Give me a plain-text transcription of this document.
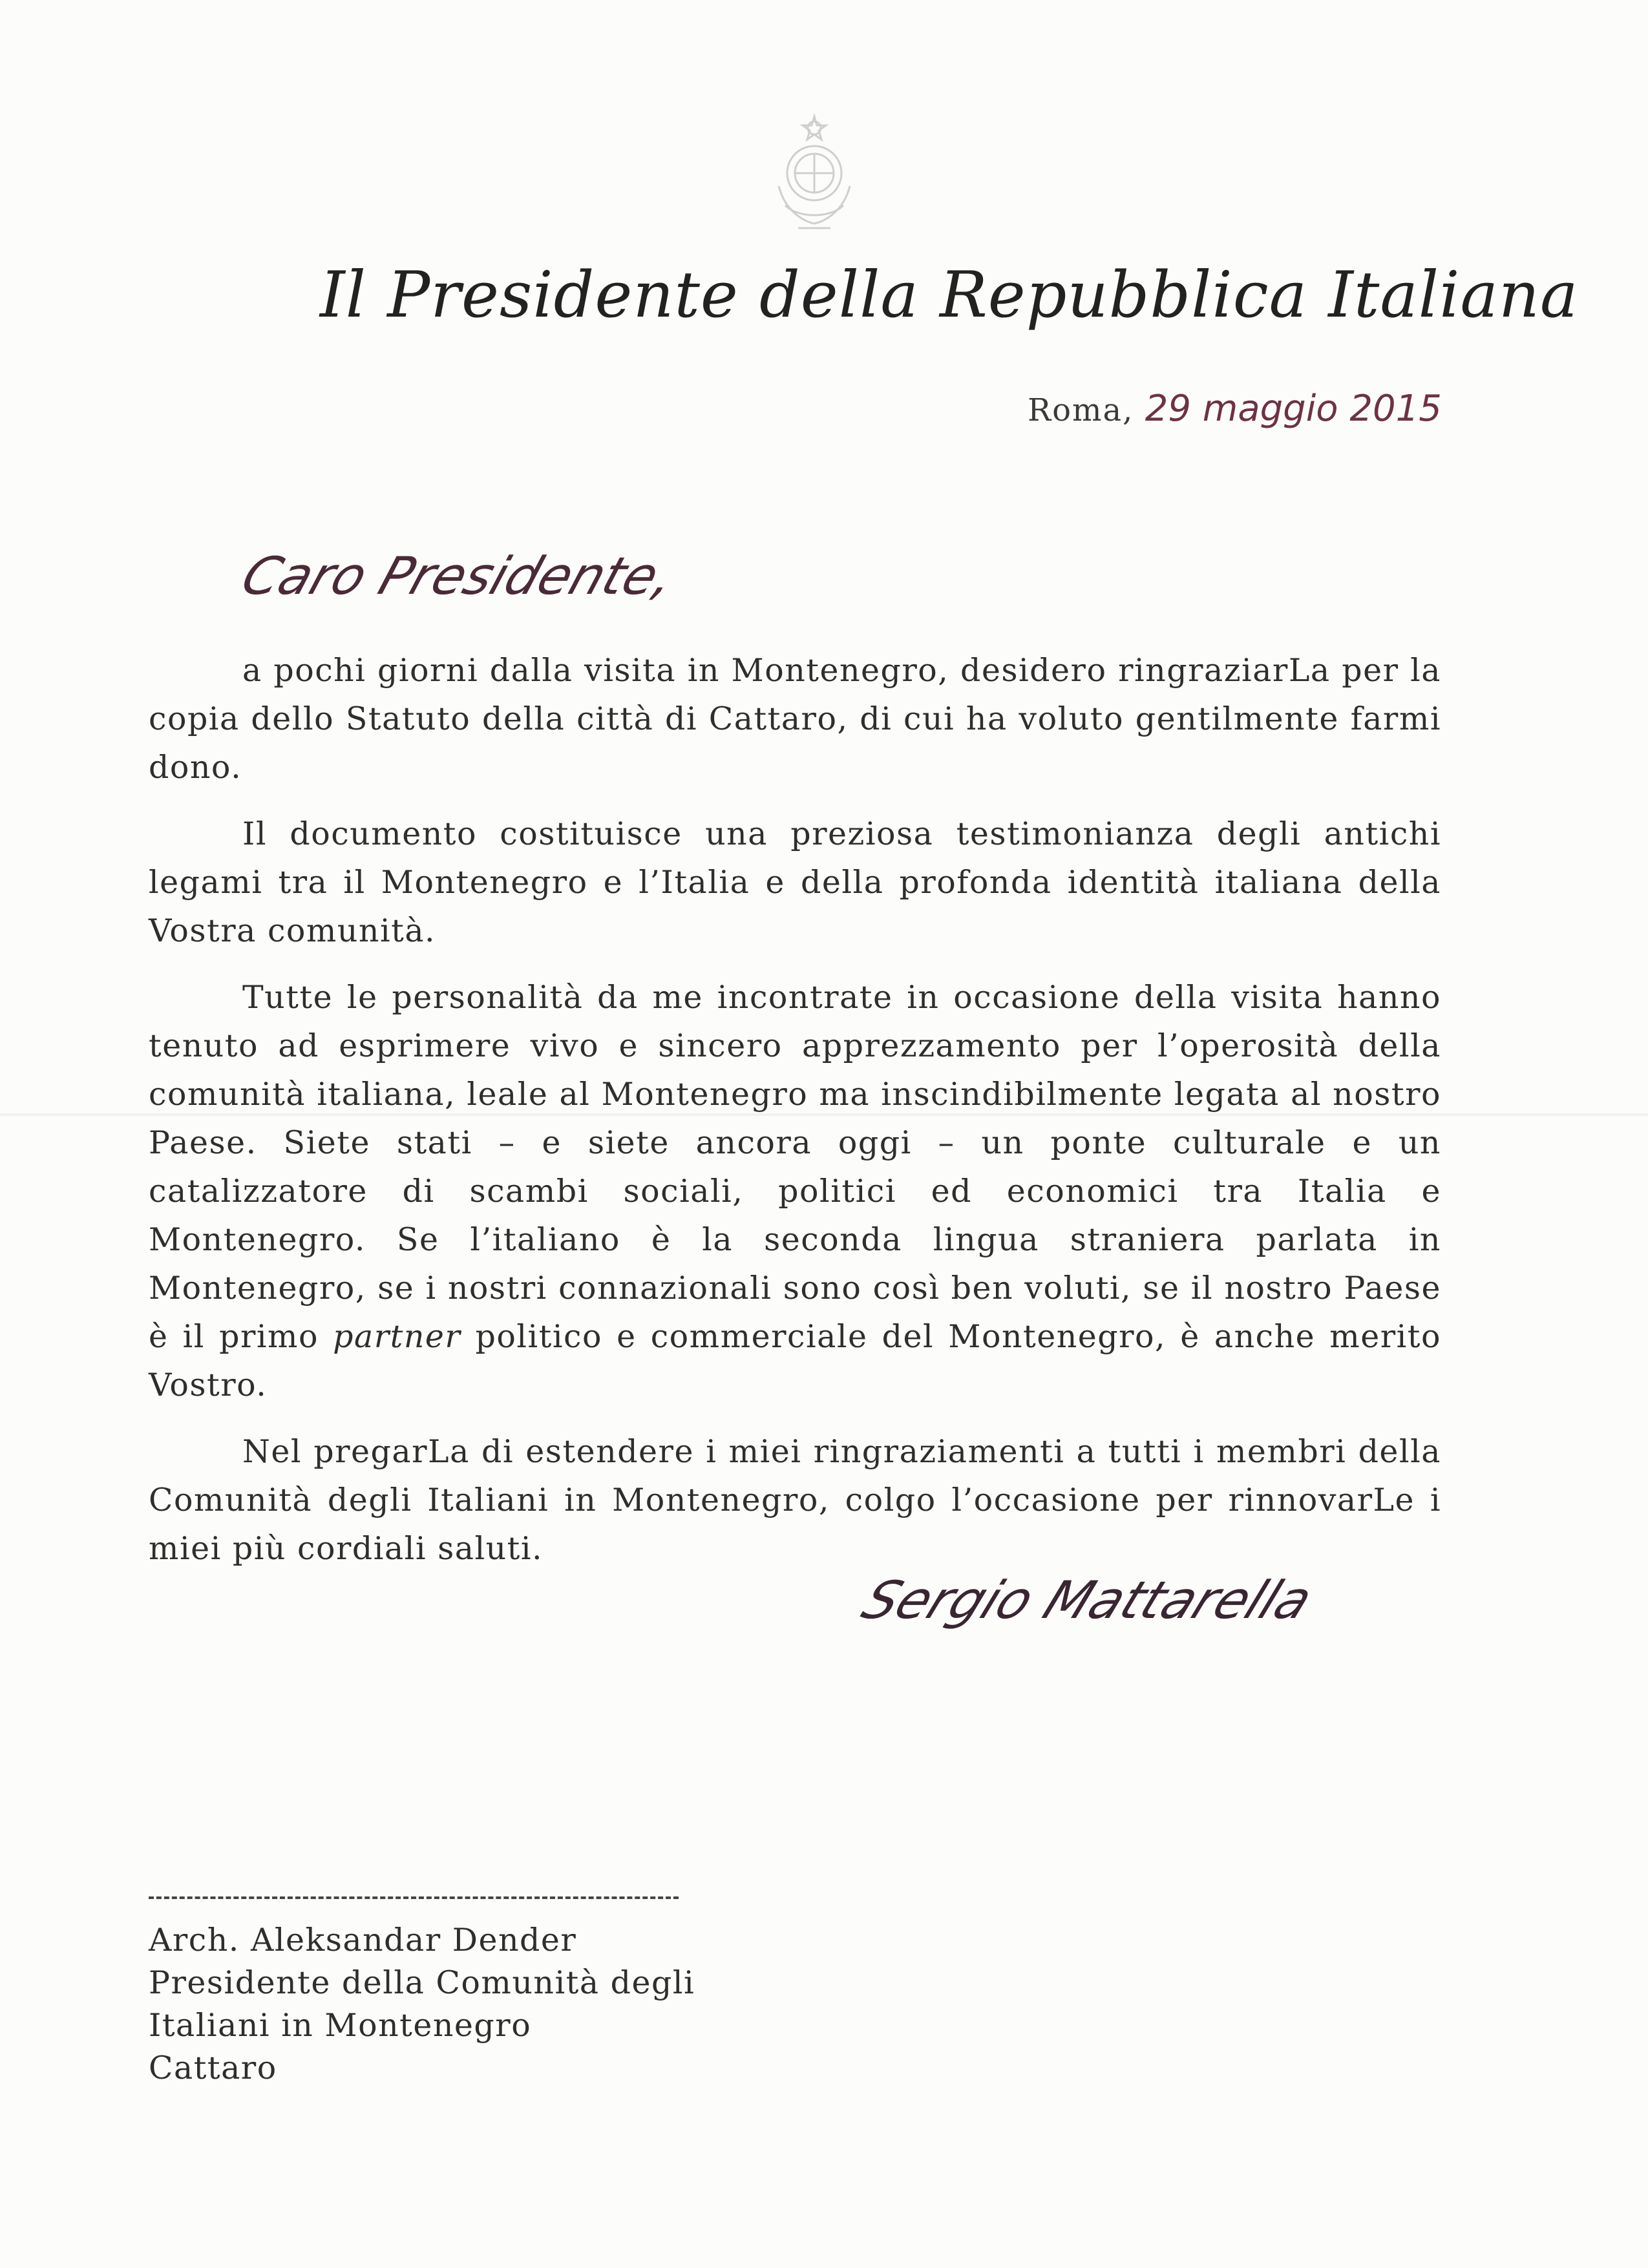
Il Presidente della Repubblica Italiana
Roma, 29 maggio 2015
Caro Presidente,

a pochi giorni dalla visita in Montenegro, desidero ringraziarLa per la copia dello Statuto della città di Cattaro, di cui ha voluto gentilmente farmi dono.

Il documento costituisce una preziosa testimonianza degli antichi legami tra il Montenegro e l’Italia e della profonda identità italiana della Vostra comunità.

Tutte le personalità da me incontrate in occasione della visita hanno tenuto ad esprimere vivo e sincero apprezzamento per l’operosità della comunità italiana, leale al Montenegro ma inscindibilmente legata al nostro Paese. Siete stati – e siete ancora oggi – un ponte culturale e un catalizzatore di scambi sociali, politici ed economici tra Italia e Montenegro. Se l’italiano è la seconda lingua straniera parlata in Montenegro, se i nostri connazionali sono così ben voluti, se il nostro Paese è il primo partner politico e commerciale del Montenegro, è anche merito Vostro.

Nel pregarLa di estendere i miei ringraziamenti a tutti i membri della Comunità degli Italiani in Montenegro, colgo l’occasione per rinnovarLe i miei più cordiali saluti.

Sergio Mattarella
Arch. Aleksandar Dender
Presidente della Comunità degli
Italiani in Montenegro
Cattaro
